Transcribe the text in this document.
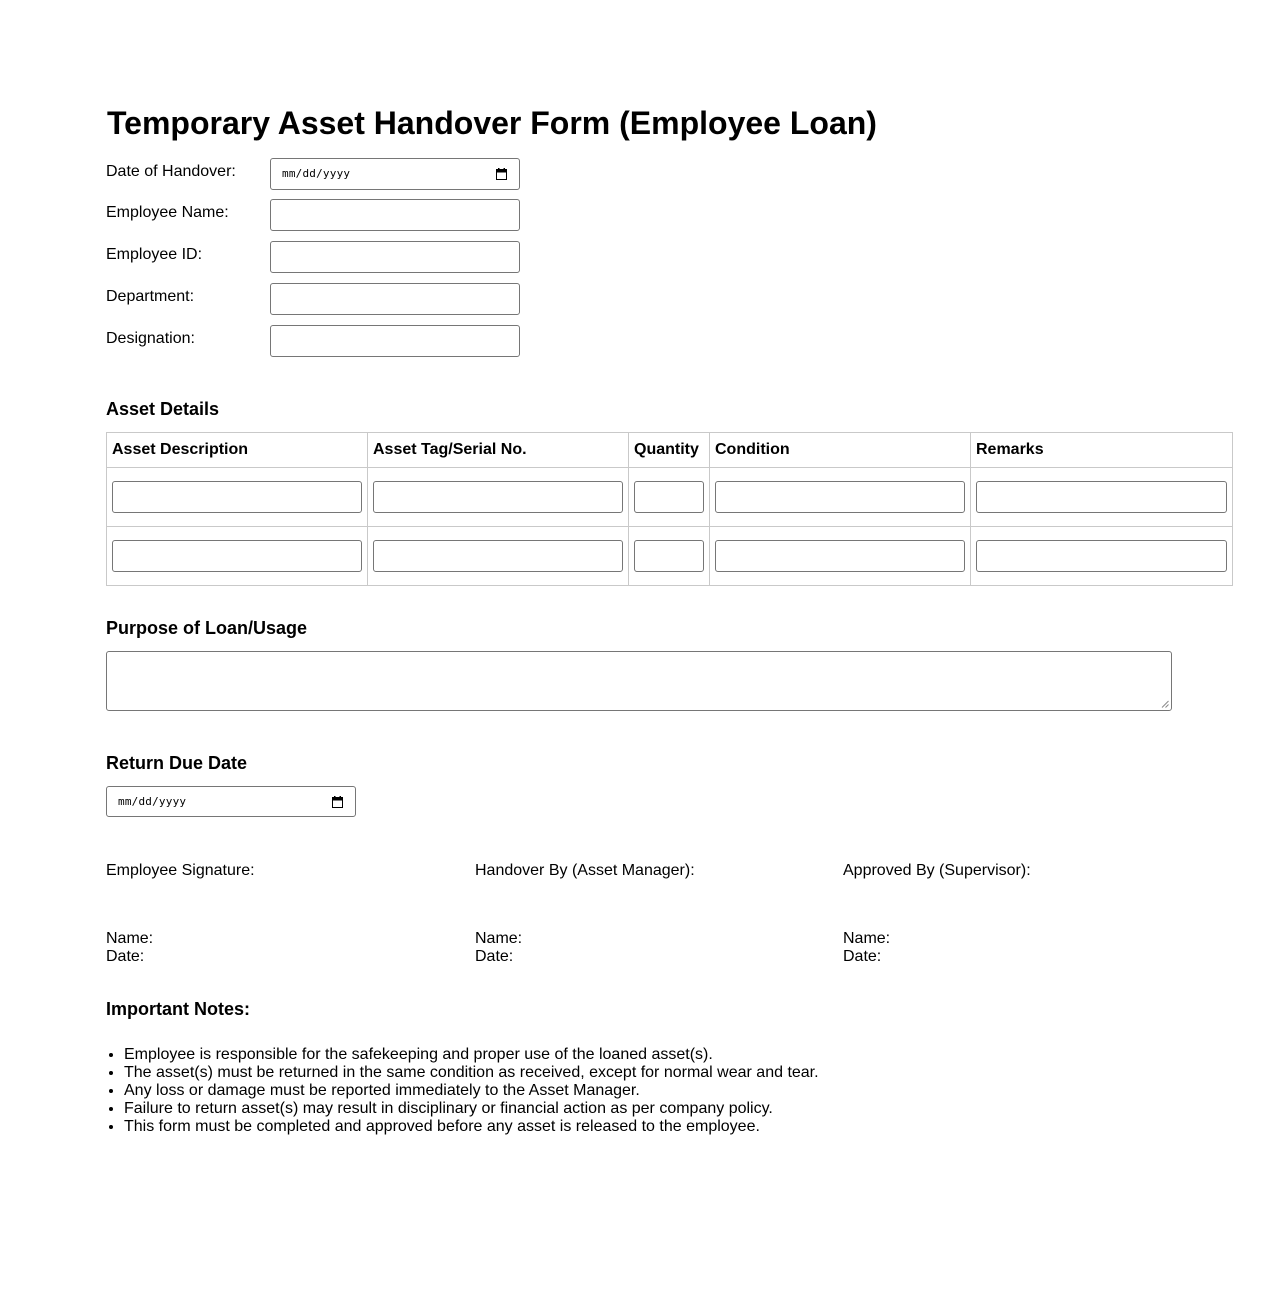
Temporary Asset Handover Form (Employee Loan)
Date of Handover:	mm/dd/yyyy
Employee Name:
Employee ID:
Department:
Designation:
Asset Details
Asset Description	Asset Tag/Serial No.	Quantity	Condition	Remarks

Purpose of Loan/Usage
Return Due Date
mm/dd/yyyy
Employee Signature:
Name:
Date:
Handover By (Asset Manager):
Name:
Date:
Approved By (Supervisor):
Name:
Date:
Important Notes:
• Employee is responsible for the safekeeping and proper use of the loaned asset(s).
• The asset(s) must be returned in the same condition as received, except for normal wear and tear.
• Any loss or damage must be reported immediately to the Asset Manager.
• Failure to return asset(s) may result in disciplinary or financial action as per company policy.
• This form must be completed and approved before any asset is released to the employee.
